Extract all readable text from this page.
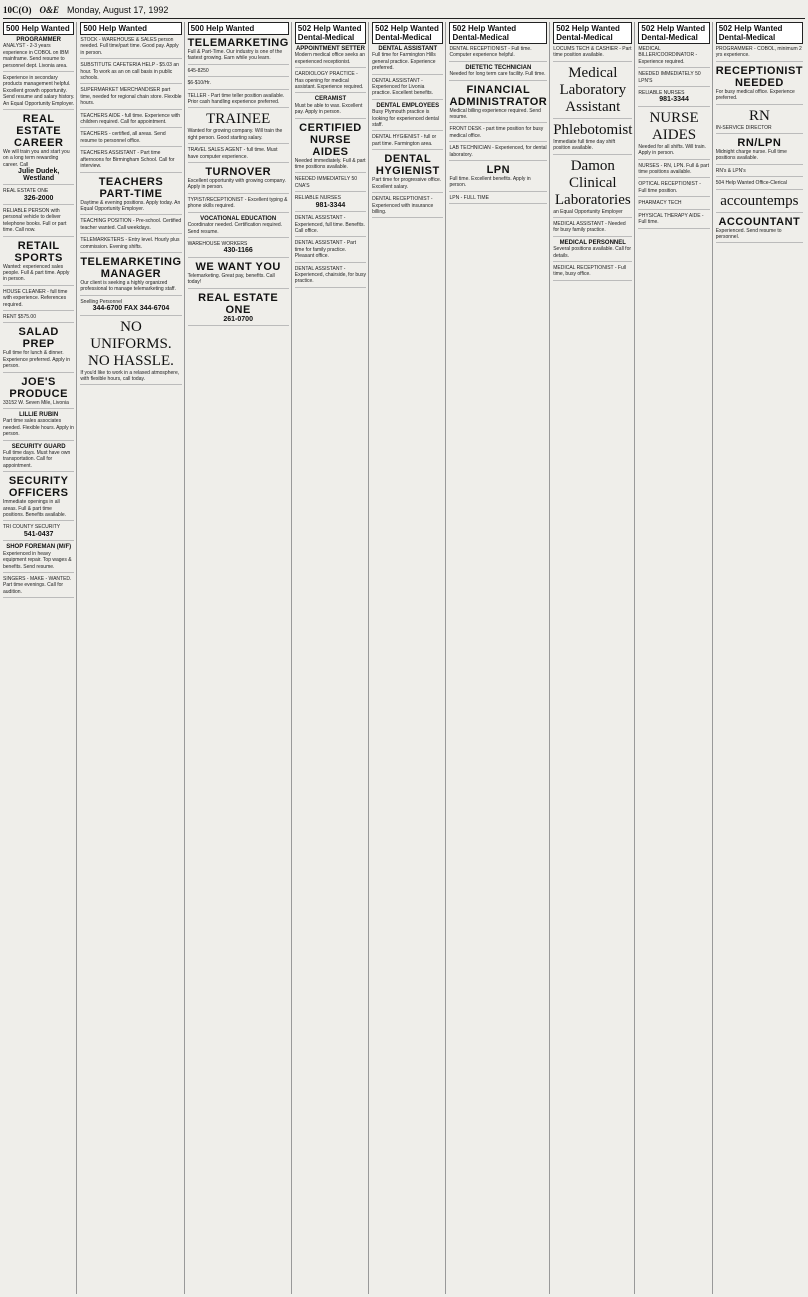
10C(O) O&E Monday, August 17, 1992
500 Help Wanted
PROGRAMMER
ANALYST - 2-3 years experience in COBOL on IBM mainframe. Send resume to personnel dept. Livonia area.
Experience in secondary products management helpful. Excellent growth opportunity. Send resume and salary history. An Equal Opportunity Employer.
REAL ESTATE CAREER
We will train you and start you on a long term rewarding career. Call
Julie Dudek, Westland
REAL ESTATE ONE
326-2000
RELIABLE PERSON with personal vehicle to deliver telephone books. Full or part time. Call now.
RETAIL SPORTS
Wanted: experienced sales people. Full & part time. Apply in person.
HOUSE CLEANER - full time with experience. References required.
RENT $575.00
SALAD PREP
Full time for lunch & dinner. Experience preferred. Apply in person.
JOE'S PRODUCE
33152 W. Seven Mile, Livonia
LILLIE RUBIN
Part time sales associates needed. Flexible hours. Apply in person.
SECURITY GUARD
Full time days. Must have own transportation. Call for appointment.
SECURITY OFFICERS
Immediate openings in all areas. Full & part time positions. Benefits available.
TRI COUNTY SECURITY
541-0437
SHOP FOREMAN (M/F)
Experienced in heavy equipment repair. Top wages & benefits. Send resume.
SINGERS - MAKE - WANTED. Part time evenings. Call for audition.
500 Help Wanted
STOCK - WAREHOUSE & SALES person needed. Full time/part time. Good pay. Apply in person.
SUBSTITUTE CAFETERIA HELP - $5.03 an hour. To work as an on call basis in public schools.
SUPERMARKET MERCHANDISER part time, needed for regional chain store. Flexible hours.
TEACHERS AIDE - full time. Experience with children required. Call for appointment.
TEACHERS - certified, all areas. Send resume to personnel office.
TEACHERS ASSISTANT - Part time afternoons for Birmingham School. Call for interview.
TEACHERS PART-TIME
Daytime & evening positions. Apply today. An Equal Opportunity Employer.
TEACHING POSITION - Pre-school. Certified teacher wanted. Call weekdays.
TELEMARKETERS - Entry level. Hourly plus commission. Evening shifts.
TELEMARKETING MANAGER
Our client is seeking a highly organized professional to manage telemarketing staff.
Snelling Personnel
344-6700 FAX 344-6704
NO UNIFORMS. NO HASSLE.
If you'd like to work in a relaxed atmosphere, with flexible hours, call today.
500 Help Wanted
TELEMARKETING
Full & Part-Time. Our industry is one of the fastest growing. Earn while you learn.
645-8250
$6-$10/Hr.
TELLER - Part time teller position available. Prior cash handling experience preferred.
TRAINEE
Wanted for growing company. Will train the right person. Good starting salary.
TRAVEL SALES AGENT - full time. Must have computer experience.
TURNOVER
Excellent opportunity with growing company. Apply in person.
TYPIST/RECEPTIONIST - Excellent typing & phone skills required.
VOCATIONAL EDUCATION
Coordinator needed. Certification required. Send resume.
WAREHOUSE WORKERS
430-1166
WE WANT YOU
Telemarketing. Great pay, benefits. Call today!
REAL ESTATE ONE
261-0700
502 Help Wanted Dental-Medical
APPOINTMENT SETTER
Modern medical office seeks an experienced receptionist.
CARDIOLOGY PRACTICE - Has opening for medical assistant. Experience required.
CERAMIST
Must be able to wax. Excellent pay. Apply in person.
CERTIFIED NURSE AIDES
Needed immediately. Full & part time positions available.
NEEDED IMMEDIATELY 50 CNA'S
RELIABLE NURSES
981-3344
DENTAL ASSISTANT - Experienced, full time. Benefits. Call office.
DENTAL ASSISTANT - Part time for family practice. Pleasant office.
DENTAL ASSISTANT - Experienced, chairside, for busy practice.
502 Help Wanted Dental-Medical
DENTAL ASSISTANT
Full time for Farmington Hills general practice. Experience preferred.
DENTAL ASSISTANT - Experienced for Livonia practice. Excellent benefits.
DENTAL EMPLOYEES
Busy Plymouth practice is looking for experienced dental staff.
DENTAL HYGIENIST - full or part time. Farmington area.
DENTAL HYGIENIST
Part time for progressive office. Excellent salary.
DENTAL RECEPTIONIST - Experienced with insurance billing.
502 Help Wanted Dental-Medical
DENTAL RECEPTIONIST - Full time. Computer experience helpful.
DIETETIC TECHNICIAN
Needed for long term care facility. Full time.
FINANCIAL ADMINISTRATOR
Medical billing experience required. Send resume.
FRONT DESK - part time position for busy medical office.
LAB TECHNICIAN - Experienced, for dental laboratory.
LPN
Full time. Excellent benefits. Apply in person.
LPN - FULL TIME
502 Help Wanted Dental-Medical
LOCUMS TECH & CASHIER - Part time position available.
Medical Laboratory Assistant
Phlebotomist
Immediate full time day shift position available.
Damon Clinical Laboratories
an Equal Opportunity Employer
MEDICAL ASSISTANT - Needed for busy family practice.
MEDICAL PERSONNEL
Several positions available. Call for details.
MEDICAL RECEPTIONIST - Full time, busy office.
502 Help Wanted Dental-Medical
MEDICAL BILLER/COORDINATOR - Experience required.
NEEDED IMMEDIATELY 50 LPN'S
RELIABLE NURSES
981-3344
NURSE AIDES
Needed for all shifts. Will train. Apply in person.
NURSES - RN, LPN. Full & part time positions available.
OPTICAL RECEPTIONIST - Full time position.
PHARMACY TECH
PHYSICAL THERAPY AIDE - Full time.
502 Help Wanted Dental-Medical
PROGRAMMER - COBOL, minimum 2 yrs experience.
RECEPTIONIST NEEDED
For busy medical office. Experience preferred.
RN
IN-SERVICE DIRECTOR
RN/LPN
Midnight charge nurse. Full time positions available.
RN's & LPN's
504 Help Wanted Office-Clerical
accountemps
ACCOUNTANT
Experienced. Send resume to personnel.
